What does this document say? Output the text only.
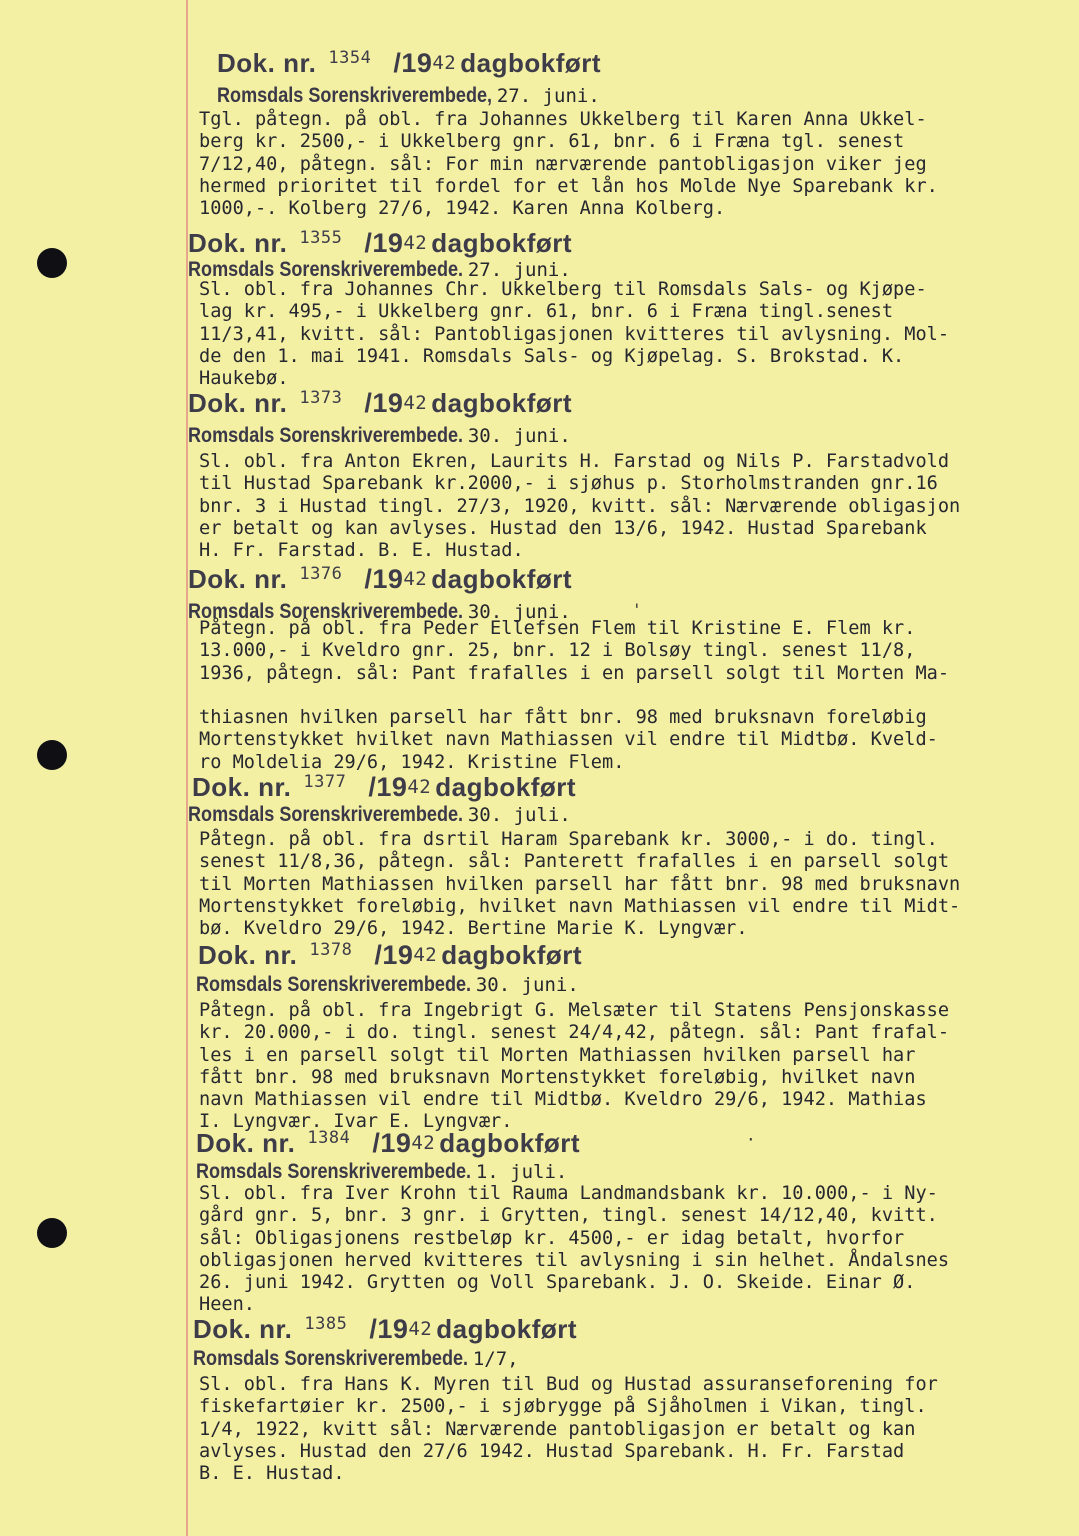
Dok. nr. $^{1354}$ /1942 dagbokført
Romsdals Sorenskriverembede, 27. juni.
Tgl. påtegn. på obl. fra Johannes Ukkelberg til Karen Anna Ukkel-
berg kr. 2500,- i Ukkelberg gnr. 61, bnr. 6 i Fræna tgl. senest
7/12,40, påtegn. sål: For min nærværende pantobligasjon viker jeg
hermed prioritet til fordel for et lån hos Molde Nye Sparebank kr.
1000,-. Kolberg 27/6, 1942. Karen Anna Kolberg.
Dok. nr. $^{1355}$ /1942 dagbokført
Romsdals Sorenskriverembede. 27. juni.
Sl. obl. fra Johannes Chr. Ukkelberg til Romsdals Sals- og Kjøpe-
lag kr. 495,- i Ukkelberg gnr. 61, bnr. 6 i Fræna tingl.senest
11/3,41, kvitt. sål: Pantobligasjonen kvitteres til avlysning. Mol-
de den 1. mai 1941. Romsdals Sals- og Kjøpelag. S. Brokstad. K.
Haukebø.
Dok. nr. $^{1373}$ /1942 dagbokført
Romsdals Sorenskriverembede. 30. juni.
Sl. obl. fra Anton Ekren, Laurits H. Farstad og Nils P. Farstadvold
til Hustad Sparebank kr.2000,- i sjøhus p. Storholmstranden gnr.16
bnr. 3 i Hustad tingl. 27/3, 1920, kvitt. sål: Nærværende obligasjon
er betalt og kan avlyses. Hustad den 13/6, 1942. Hustad Sparebank
H. Fr. Farstad. B. E. Hustad.
Dok. nr. $^{1376}$ /1942 dagbokført
Romsdals Sorenskriverembede. 30. juni.
Påtegn. på obl. fra Peder Ellefsen Flem til Kristine E. Flem kr.
13.000,- i Kveldro gnr. 25, bnr. 12 i Bolsøy tingl. senest 11/8,
1936, påtegn. sål: Pant frafalles i en parsell solgt til Morten Ma-

thiasnen hvilken parsell har fått bnr. 98 med bruksnavn foreløbig
Mortenstykket hvilket navn Mathiassen vil endre til Midtbø. Kveld-
ro Moldelia 29/6, 1942. Kristine Flem.
Dok. nr. $^{1377}$ /1942 dagbokført
Romsdals Sorenskriverembede. 30. juli.
Påtegn. på obl. fra dsrtil Haram Sparebank kr. 3000,- i do. tingl.
senest 11/8,36, påtegn. sål: Panterett frafalles i en parsell solgt
til Morten Mathiassen hvilken parsell har fått bnr. 98 med bruksnavn
Mortenstykket foreløbig, hvilket navn Mathiassen vil endre til Midt-
bø. Kveldro 29/6, 1942. Bertine Marie K. Lyngvær.
Dok. nr. $^{1378}$ /1942 dagbokført
Romsdals Sorenskriverembede. 30. juni.
Påtegn. på obl. fra Ingebrigt G. Melsæter til Statens Pensjonskasse
kr. 20.000,- i do. tingl. senest 24/4,42, påtegn. sål: Pant frafal-
les i en parsell solgt til Morten Mathiassen hvilken parsell har
fått bnr. 98 med bruksnavn Mortenstykket foreløbig, hvilket navn
navn Mathiassen vil endre til Midtbø. Kveldro 29/6, 1942. Mathias
I. Lyngvær. Ivar E. Lyngvær.
Dok. nr. $^{1384}$ /1942 dagbokført
Romsdals Sorenskriverembede. 1. juli.
Sl. obl. fra Iver Krohn til Rauma Landmandsbank kr. 10.000,- i Ny-
gård gnr. 5, bnr. 3 gnr. i Grytten, tingl. senest 14/12,40, kvitt.
sål: Obligasjonens restbeløp kr. 4500,- er idag betalt, hvorfor
obligasjonen herved kvitteres til avlysning i sin helhet. Åndalsnes
26. juni 1942. Grytten og Voll Sparebank. J. O. Skeide. Einar Ø.
Heen.
Dok. nr. $^{1385}$ /1942 dagbokført
Romsdals Sorenskriverembede. 1/7,
Sl. obl. fra Hans K. Myren til Bud og Hustad assuranseforening for
fiskefartøier kr. 2500,- i sjøbrygge på Sjåholmen i Vikan, tingl.
1/4, 1922, kvitt sål: Nærværende pantobligasjon er betalt og kan
avlyses. Hustad den 27/6 1942. Hustad Sparebank. H. Fr. Farstad
B. E. Hustad.
'
·
